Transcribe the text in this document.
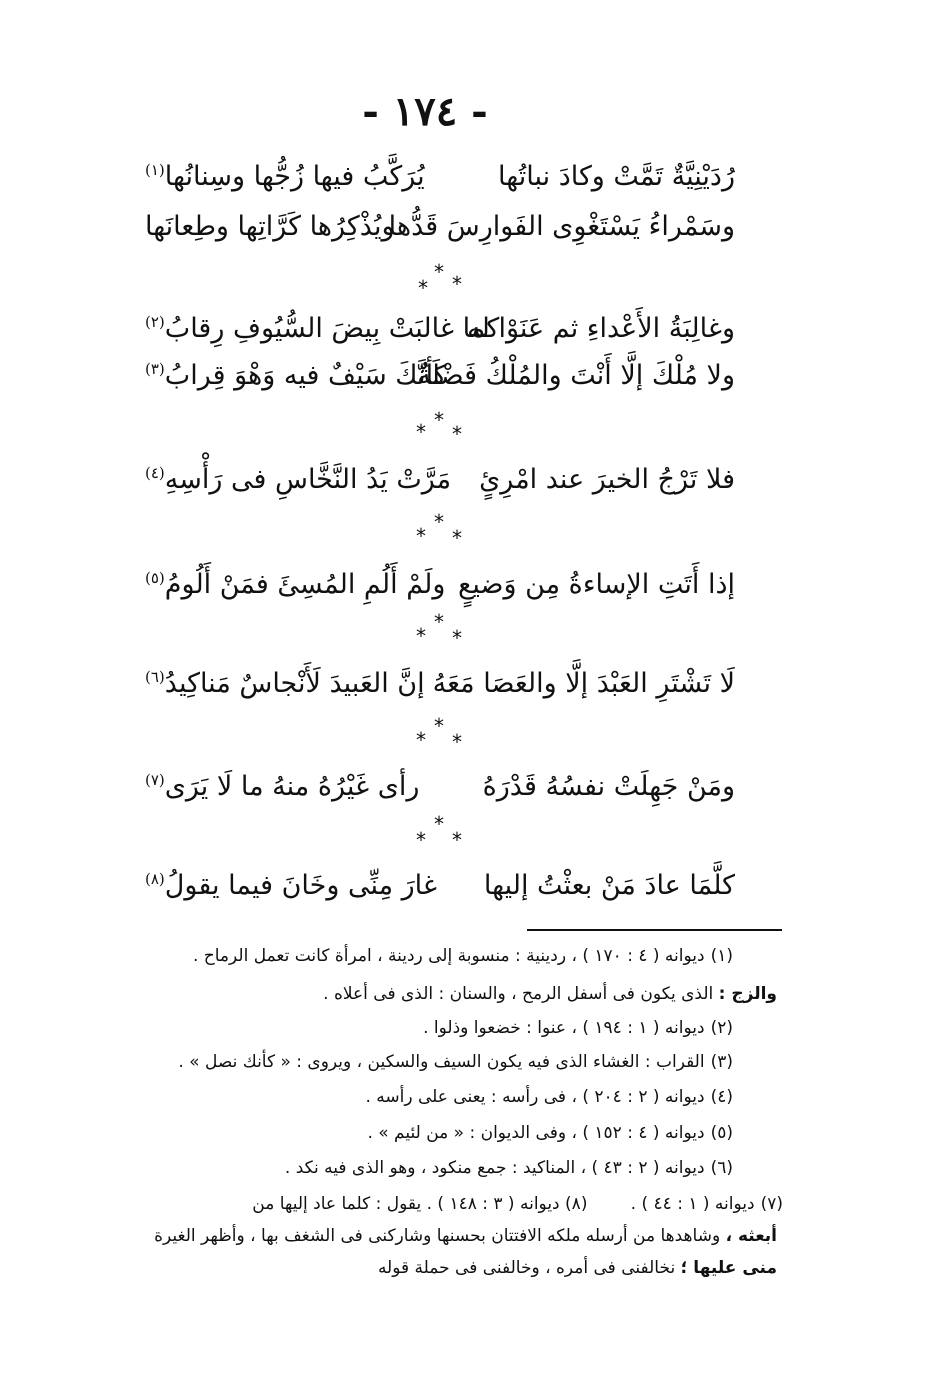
- ١٧٤ -
رُدَيْنِيَّةٌ تَمَّتْ وكادَ نباتُها
يُرَكَّبُ فيها زُجُّها وسِنانُها$^{(١)}$
وسَمْراءُ يَسْتَغْوِى الفَوارِسَ قَدُّها
ويُذْكِرُها كَرَّاتِها وطِعانَها
*
* *
وغالِبَةُ الأَعْداءِ ثم عَنَوْا له
كما غالبَتْ بِيضَ السُّيُوفِ رِقابُ$^{(٢)}$
ولا مُلْكَ إلَّا أَنْتَ والمُلْكُ فَضْلَةٌ
كأنَّكَ سَيْفٌ فيه وَهْوَ قِرابُ$^{(٣)}$
* *
*
فلا تَرْجُ الخيرَ عند امْرِئٍ
مَرَّتْ يَدُ النَّخَّاسِ فى رَأْسِهِ$^{(٤)}$
*
*
*
إذا أَتَتِ الإساءةُ مِن وَضيعٍ
ولَمْ أَلُمِ المُسِئَ فمَنْ أَلُومُ$^{(٥)}$
*
*
*
لَا تَشْتَرِ العَبْدَ إلَّا والعَصَا مَعَهُ
إنَّ العَبيدَ لَأَنْجاسٌ مَناكِيدُ$^{(٦)}$
*
*
*
ومَنْ جَهِلَتْ نفسُهُ قَدْرَهُ
رأى غَيْرُهُ منهُ ما لَا يَرَى$^{(٧)}$
*
*
*
كلَّمَا عادَ مَنْ بعثْتُ إليها
غارَ مِنِّى وخَانَ فيما يقولُ$^{(٨)}$
(١)ديوانه ( ٤ : ١٧٠ ) ، ردينية : منسوبة إلى ردينة ، امرأة كانت تعمل الرماح .
والزج : الذى يكون فى أسفل الرمح ، والسنان : الذى فى أعلاه .
(٢)ديوانه ( ١ : ١٩٤ ) ، عنوا : خضعوا وذلوا .
(٣)القراب : الغشاء الذى فيه يكون السيف والسكين ، ويروى : « كأنك نصل » .
(٤)ديوانه ( ٢ : ٢٠٤ ) ، فى رأسه : يعنى على رأسه .
(٥)ديوانه ( ٤ : ١٥٢ ) ، وفى الديوان : « من لئيم » .
(٦)ديوانه ( ٢ : ٤٣ ) ، المناكيد : جمع منكود ، وهو الذى فيه نكد .
(٧)ديوانه ( ١ : ٤٤ ) .        (٨) ديوانه ( ٣ : ١٤٨ ) . يقول : كلما عاد إليها من
أبعثه ، وشاهدها من أرسله ملكه الافتتان بحسنها وشاركنى فى الشغف بها ، وأظهر الغيرة
منى عليها ؛ نخالفنى فى أمره ، وخالفنى فى حملة قوله
